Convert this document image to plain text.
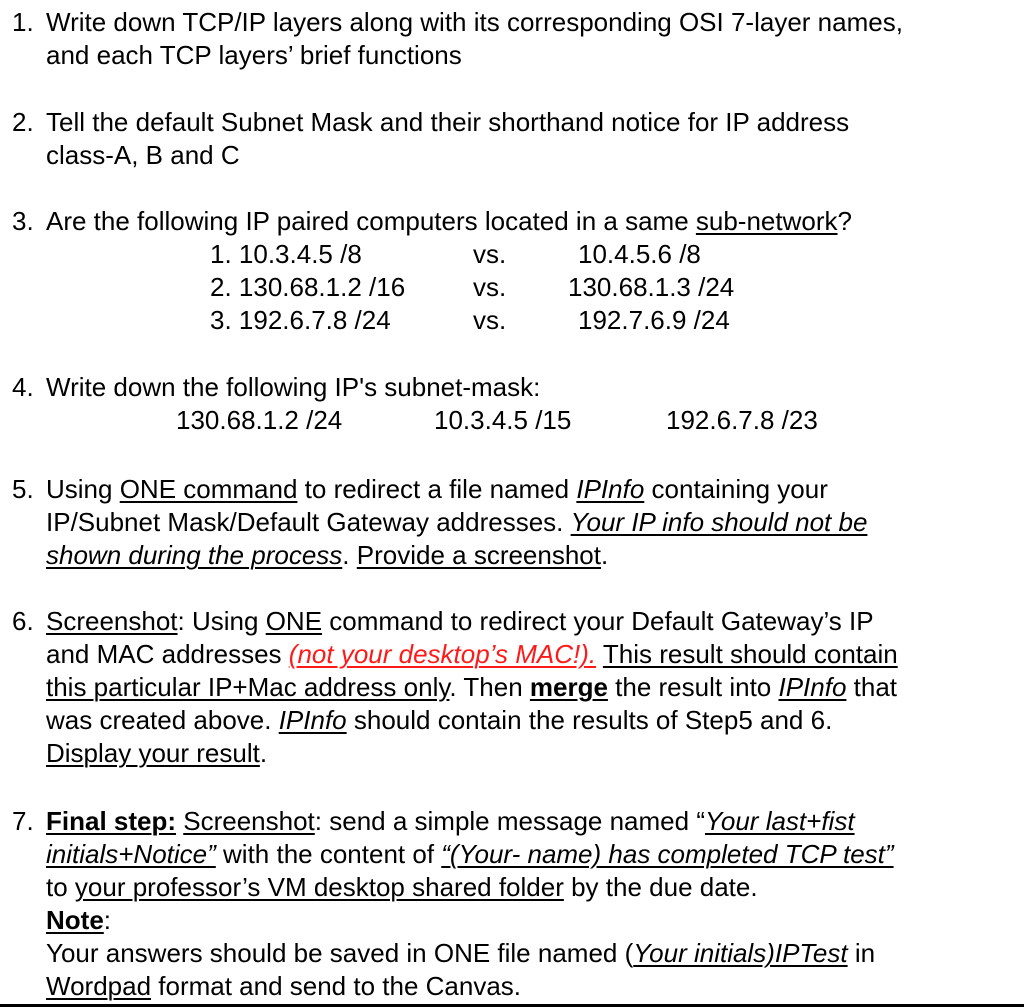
1. Write down TCP/IP layers along with its corresponding OSI 7-layer names,
and each TCP layers’ brief functions
2. Tell the default Subnet Mask and their shorthand notice for IP address
class-A, B and C
3. Are the following IP paired computers located in a same sub-network?
1. 10.3.4.5 /8	vs.	10.4.5.6 /8
2. 130.68.1.2 /16	vs. 130.68.1.3 /24
3. 192.6.7.8 /24	vs.	192.7.6.9 /24
4. Write down the following IP's subnet-mask:
130.68.1.2 /24	10.3.4.5 /15	192.6.7.8 /23
5. Using ONE command to redirect a file named IPInfo containing your
IP/Subnet Mask/Default Gateway addresses. Your IP info should not be
shown during the process. Provide a screenshot.
6. Screenshot: Using ONE command to redirect your Default Gateway’s IP
and MAC addresses (not your desktop’s MAC!). This result should contain
this particular IP+Mac address only. Then merge the result into IPInfo that
was created above. IPInfo should contain the results of Step5 and 6.
Display your result.
7. Final step: Screenshot: send a simple message named “Your last+fist
initials+Notice” with the content of “(Your- name) has completed TCP test”
to your professor’s VM desktop shared folder by the due date.
Note:
Your answers should be saved in ONE file named (Your initials)IPTest in
Wordpad format and send to the Canvas.
